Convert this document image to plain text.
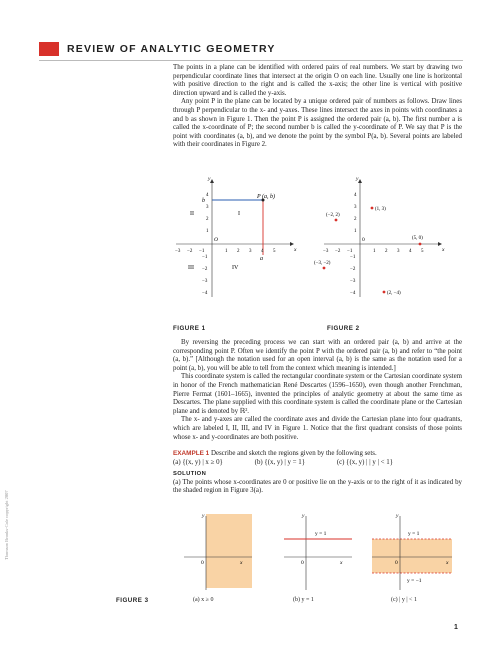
REVIEW OF ANALYTIC GEOMETRY

The points in a plane can be identified with ordered pairs of real numbers. We start by drawing two perpendicular coordinate lines that intersect at the origin O on each line. Usually one line is horizontal with positive direction to the right and is called the x-axis; the other line is vertical with positive direction upward and is called the y-axis.

Any point P in the plane can be located by a unique ordered pair of numbers as follows. Draw lines through P perpendicular to the x- and y-axes. These lines intersect the axes in points with coordinates a and b as shown in Figure 1. Then the point P is assigned the ordered pair (a, b). The first number a is called the x-coordinate of P; the second number b is called the y-coordinate of P. We say that P is the point with coordinates (a, b), and we denote the point by the symbol P(a, b). Several points are labeled with their coordinates in Figure 2.

P (a, b)
b
a
O
I
II
III	IV
x
y
−3 −2 −1	1 2 3 4 5
4
3
2
1
−1
−2
−3
−4
0
x
y
−3 −2 −1	1 2 3 4 5
4
3
2
1
−1
−2
−3
−4
(1, 3)
(−2, 2)
(5, 0)
(−3, −2)
(2, −4)
FIGURE 1	FIGURE 2

By reversing the preceding process we can start with an ordered pair (a, b) and arrive at the corresponding point P. Often we identify the point P with the ordered pair (a, b) and refer to “the point (a, b).” [Although the notation used for an open interval (a, b) is the same as the notation used for a point (a, b), you will be able to tell from the context which meaning is intended.]

This coordinate system is called the rectangular coordinate system or the Cartesian coordinate system in honor of the French mathematician René Descartes (1596–1650), even though another Frenchman, Pierre Fermat (1601–1665), invented the principles of analytic geometry at about the same time as Descartes. The plane supplied with this coordinate system is called the coordinate plane or the Cartesian plane and is denoted by ℝ².

The x- and y-axes are called the coordinate axes and divide the Cartesian plane into four quadrants, which are labeled I, II, III, and IV in Figure 1. Notice that the first quadrant consists of those points whose x- and y-coordinates are both positive.

EXAMPLE 1 Describe and sketch the regions given by the following sets.

(a) {(x, y) | x ≥ 0}	(b) {(x, y) | y = 1}	(c) {(x, y) | | y | < 1}

SOLUTION

(a) The points whose x-coordinates are 0 or positive lie on the y-axis or to the right of it as indicated by the shaded region in Figure 3(a).

y
0	x
y = 1
y
0	x
y = 1
y = −1
y
0	x
FIGURE 3	(a) x ≥ 0	(b) y = 1	(c) | y | < 1
Thomson Brooks-Cole copyright 2007
1
